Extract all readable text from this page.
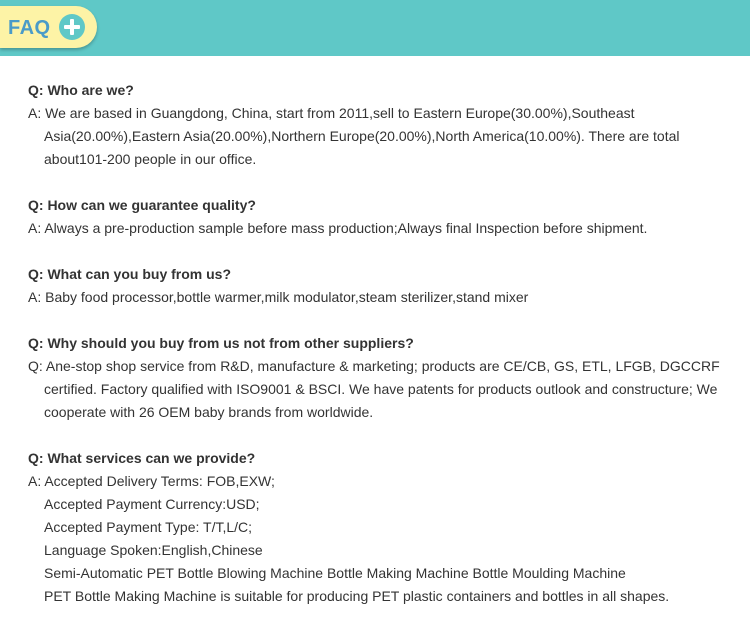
FAQ
Q: Who are we?
A: We are based in Guangdong, China, start from 2011,sell to Eastern Europe(30.00%),Southeast Asia(20.00%),Eastern Asia(20.00%),Northern Europe(20.00%),North America(10.00%). There are total about101-200 people in our office.
Q: How can we guarantee quality?
A: Always a pre-production sample before mass production;Always final Inspection before shipment.
Q: What can you buy from us?
A: Baby food processor,bottle warmer,milk modulator,steam sterilizer,stand mixer
Q: Why should you buy from us not from other suppliers?
Q: Ane-stop shop service from R&D, manufacture & marketing; products are CE/CB, GS, ETL, LFGB, DGCCRF certified. Factory qualified with ISO9001 & BSCI. We have patents for products outlook and constructure; We cooperate with 26 OEM baby brands from worldwide.
Q: What services can we provide?
A: Accepted Delivery Terms: FOB,EXW;
Accepted Payment Currency:USD;
Accepted Payment Type: T/T,L/C;
Language Spoken:English,Chinese
Semi-Automatic PET Bottle Blowing Machine Bottle Making Machine Bottle Moulding Machine
PET Bottle Making Machine is suitable for producing PET plastic containers and bottles in all shapes.
